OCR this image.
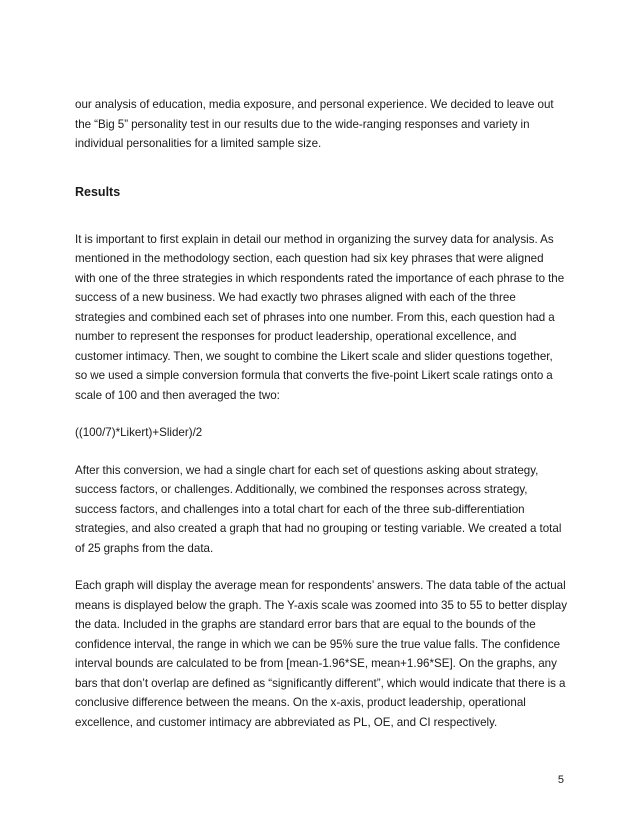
our analysis of education, media exposure, and personal experience. We decided to leave out the “Big 5” personality test in our results due to the wide-ranging responses and variety in individual personalities for a limited sample size.

Results

It is important to first explain in detail our method in organizing the survey data for analysis. As mentioned in the methodology section, each question had six key phrases that were aligned with one of the three strategies in which respondents rated the importance of each phrase to the success of a new business. We had exactly two phrases aligned with each of the three strategies and combined each set of phrases into one number. From this, each question had a number to represent the responses for product leadership, operational excellence, and customer intimacy. Then, we sought to combine the Likert scale and slider questions together, so we used a simple conversion formula that converts the five-point Likert scale ratings onto a scale of 100 and then averaged the two:

((100/7)*Likert)+Slider)/2

After this conversion, we had a single chart for each set of questions asking about strategy, success factors, or challenges. Additionally, we combined the responses across strategy, success factors, and challenges into a total chart for each of the three sub-differentiation strategies, and also created a graph that had no grouping or testing variable. We created a total of 25 graphs from the data.

Each graph will display the average mean for respondents’ answers. The data table of the actual means is displayed below the graph. The Y-axis scale was zoomed into 35 to 55 to better display the data. Included in the graphs are standard error bars that are equal to the bounds of the confidence interval, the range in which we can be 95% sure the true value falls. The confidence interval bounds are calculated to be from [mean-1.96*SE, mean+1.96*SE]. On the graphs, any bars that don’t overlap are defined as “significantly different”, which would indicate that there is a conclusive difference between the means. On the x-axis, product leadership, operational excellence, and customer intimacy are abbreviated as PL, OE, and CI respectively.

5
